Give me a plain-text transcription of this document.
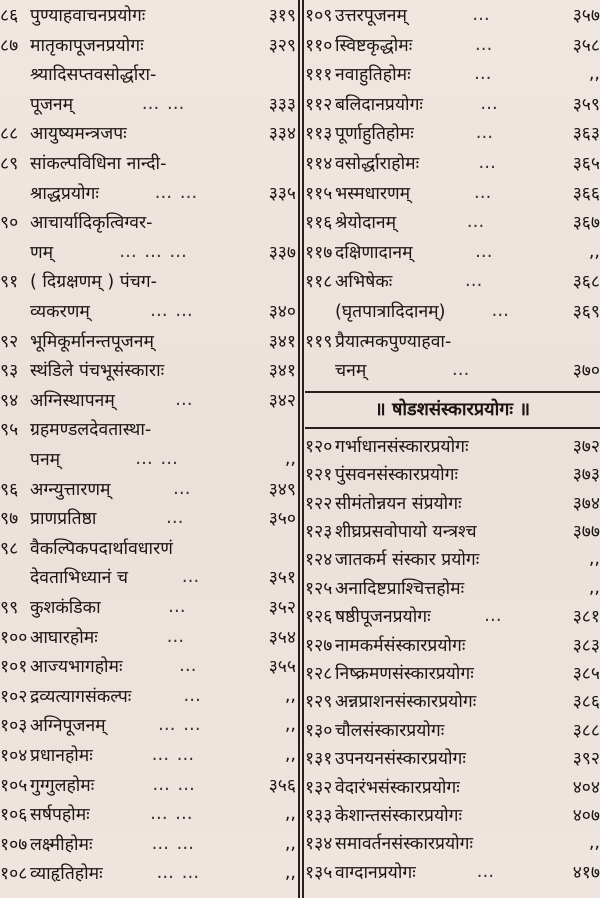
८६ पुण्याहवाचनप्रयोगः	३१९
८७ मातृकापूजनप्रयोगः	३२९
श्र्यादिसप्तवसोर्द्धारा-
पूजनम्	… …	३३३
८८ आयुष्यमन्त्रजपः	३३४
८९ सांकल्पविधिना नान्दी-
श्राद्धप्रयोगः	… …	३३५
९० आचार्यादिकृत्विग्वर-
णम्	… … …	३३७
९१ ( दिग्रक्षणम् ) पंचग-
व्यकरणम्	… …	३४०
९२ भूमिकूर्मानन्तपूजनम्	३४१
९३ स्थंडिले पंचभूसंस्काराः	३४१
९४ अग्निस्थापनम्	…	३४२
९५ ग्रहमण्डलदेवतास्था-
पनम्	… …	,,
९६ अग्न्युत्तारणम्	…	३४९
९७ प्राणप्रतिष्ठा	…	३५०
९८ वैकल्पिकपदार्थावधारणं
देवताभिध्यानं च	…	३५१
९९ कुशकंडिका	…	३५२
१०० आघारहोमः	…	३५४
१०१ आज्यभागहोमः	…	३५५
१०२ द्रव्यत्यागसंकल्पः	…	,,
१०३ अग्निपूजनम्	… …	,,
१०४ प्रधानहोमः	… …	,,
१०५ गुग्गुलहोमः	… …	३५६
१०६ सर्षपहोमः	… …	,,
१०७ लक्ष्मीहोमः	… …	,,
१०८ व्याहृतिहोमः	… …	,,
१०९ उत्तरपूजनम्	…	३५७
११० स्विष्टकृद्धोमः	…	३५८
१११ नवाहुतिहोमः	…	,,
११२ बलिदानप्रयोगः	…	३५९
११३ पूर्णाहुतिहोमः	…	३६३
११४ वसोर्द्धाराहोमः	…	३६५
११५ भस्मधारणम्	…	३६६
११६ श्रेयोदानम्	…	३६७
११७ दक्षिणादानम्	…	,,
११८ अभिषेकः	…	३६८
(घृतपात्रादिदानम्)	…	३६९
११९ प्रैयात्मकपुण्याहवा-
चनम्	…	३७०
॥ षोडशसंस्कारप्रयोगः ॥
१२० गर्भाधानसंस्कारप्रयोगः	३७२
१२१ पुंसवनसंस्कारप्रयोगः	३७३
१२२ सीमंतोन्नयन संप्रयोगः	३७४
१२३ शीघ्रप्रसवोपायो यन्त्रश्च	३७७
१२४ जातकर्म संस्कार प्रयोगः	,,
१२५ अनादिष्टप्राश्चित्तहोमः	,,
१२६ षष्ठीपूजनप्रयोगः	…	३८१
१२७ नामकर्मसंस्कारप्रयोगः	३८३
१२८ निष्क्रमणसंस्कारप्रयोगः	३८५
१२९ अन्नप्राशनसंस्कारप्रयोगः	३८६
१३० चौलसंस्कारप्रयोगः	३८८
१३१ उपनयनसंस्कारप्रयोगः	३९२
१३२ वेदारंभसंस्कारप्रयोगः	४०४
१३३ केशान्तसंस्कारप्रयोगः	४०७
१३४ समावर्तनसंस्कारप्रयोगः	,,
१३५ वाग्दानप्रयोगः	…	४१७
